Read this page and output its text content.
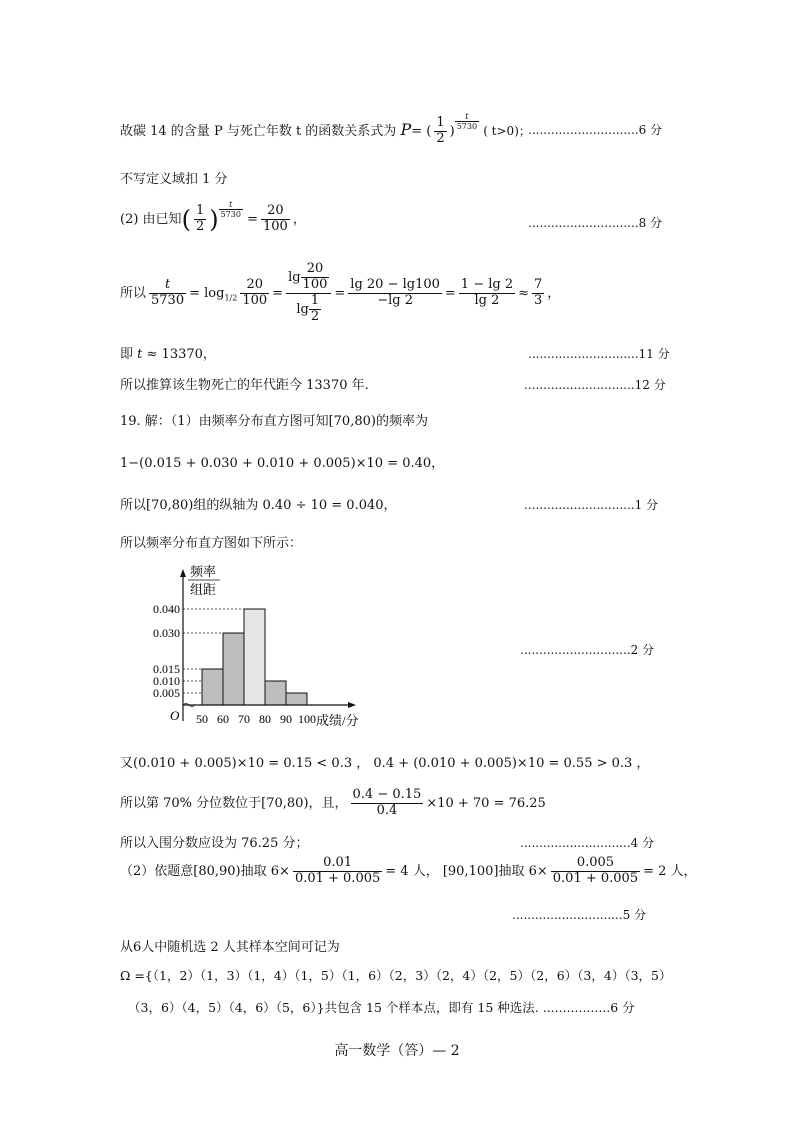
故碳 14 的含量 P 与死亡年数 t 的函数关系式为 P= ( $\frac{1}{2}$ )
$^{\frac{t}{5730}}$ ( t>0)；
.............................6 分
不写定义域扣 1 分
(2) 由已知( $\frac{1}{2}$ ) $^{\frac{t}{5730}}$
= $\frac{20}{100}$ ，	.............................8 分
所以 $\frac{t}{5730} = \log_{1/2} \frac{20}{100} = \frac{\lg \frac{20}{100}}{\lg \frac{1}{2}} = \frac{\lg 20 - \lg 100}{-\lg 2} = \frac{1 - \lg 2}{\lg 2} \approx \frac{7}{3}$ ，
即 t ≈ 13370，	.............................11 分
所以推算该生物死亡的年代距今 13370 年.	.............................12 分
19. 解：（1）由频率分布直方图可知[70,80)的频率为
1−(0.015 + 0.030 + 0.010 + 0.005)×10 = 0.40，
所以[70,80)组的纵轴为 0.40 ÷ 10 = 0.040，	.............................1 分
所以频率分布直方图如下所示：
0.040
0.030
0.015
0.010
0.005
50 60 70 80 90 100
频率
组距
O	成绩/分
.............................2 分
又(0.010 + 0.005)×10 = 0.15 < 0.3 ， 0.4 + (0.010 + 0.005)×10 = 0.55 > 0.3 ，
所以第 70% 分位数位于[70,80)，且， $\frac{0.4 - 0.15}{0.4} \times 10 + 70 = 76.25$
所以入围分数应设为 76.25 分；	.............................4 分
（2）依题意[80,90)抽取 $6\times \frac{0.01}{0.01 + 0.005} = 4$ 人， [90,100]抽取 $6\times \frac{0.005}{0.01 + 0.005} = 2$ 人，
.............................5 分
从6人中随机选 2 人其样本空间可记为
Ω ={（1，2）（1，3）（1，4）（1，5）（1，6）（2，3）（2，4）（2，5）（2，6）（3，4）（3，5）
（3，6）（4，5）（4，6）（5，6）}共包含 15 个样本点，即有 15 种选法. .................6 分
高一数学（答）— 2
